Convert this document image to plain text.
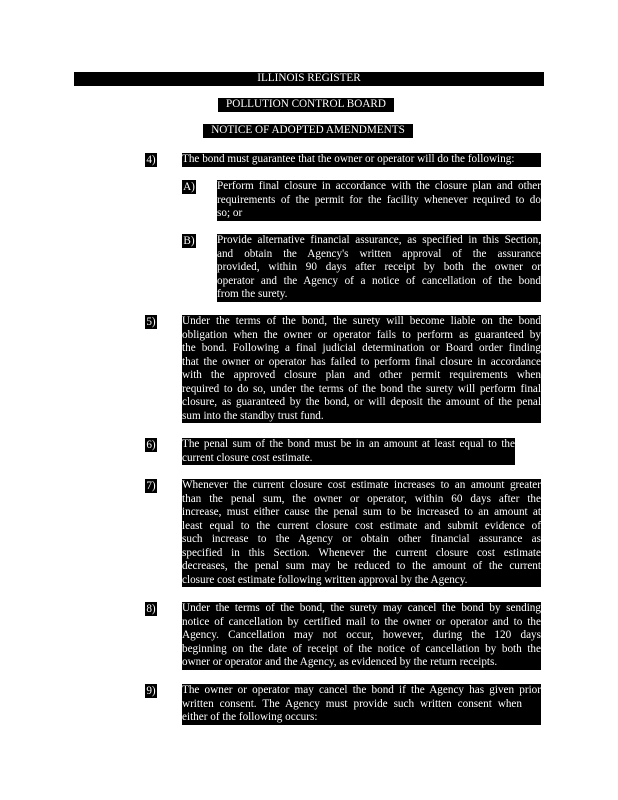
ILLINOIS REGISTER
POLLUTION CONTROL BOARD
NOTICE OF ADOPTED AMENDMENTS
4) The bond must guarantee that the owner or operator will do the following:
A) Perform final closure in accordance with the closure plan and other
requirements of the permit for the facility whenever required to do
so; or
B) Provide alternative financial assurance, as specified in this Section,
and obtain the Agency's written approval of the assurance
provided, within 90 days after receipt by both the owner or
operator and the Agency of a notice of cancellation of the bond
from the surety.
5) Under the terms of the bond, the surety will become liable on the bond
obligation when the owner or operator fails to perform as guaranteed by
the bond. Following a final judicial determination or Board order finding
that the owner or operator has failed to perform final closure in accordance
with the approved closure plan and other permit requirements when
required to do so, under the terms of the bond the surety will perform final
closure, as guaranteed by the bond, or will deposit the amount of the penal
sum into the standby trust fund.
6) The penal sum of the bond must be in an amount at least equal to the
current closure cost estimate.
7) Whenever the current closure cost estimate increases to an amount greater
than the penal sum, the owner or operator, within 60 days after the
increase, must either cause the penal sum to be increased to an amount at
least equal to the current closure cost estimate and submit evidence of
such increase to the Agency or obtain other financial assurance as
specified in this Section. Whenever the current closure cost estimate
decreases, the penal sum may be reduced to the amount of the current
closure cost estimate following written approval by the Agency.
8) Under the terms of the bond, the surety may cancel the bond by sending
notice of cancellation by certified mail to the owner or operator and to the
Agency. Cancellation may not occur, however, during the 120 days
beginning on the date of receipt of the notice of cancellation by both the
owner or operator and the Agency, as evidenced by the return receipts.
9) The owner or operator may cancel the bond if the Agency has given prior
written consent. The Agency must provide such written consent when
either of the following occurs:
